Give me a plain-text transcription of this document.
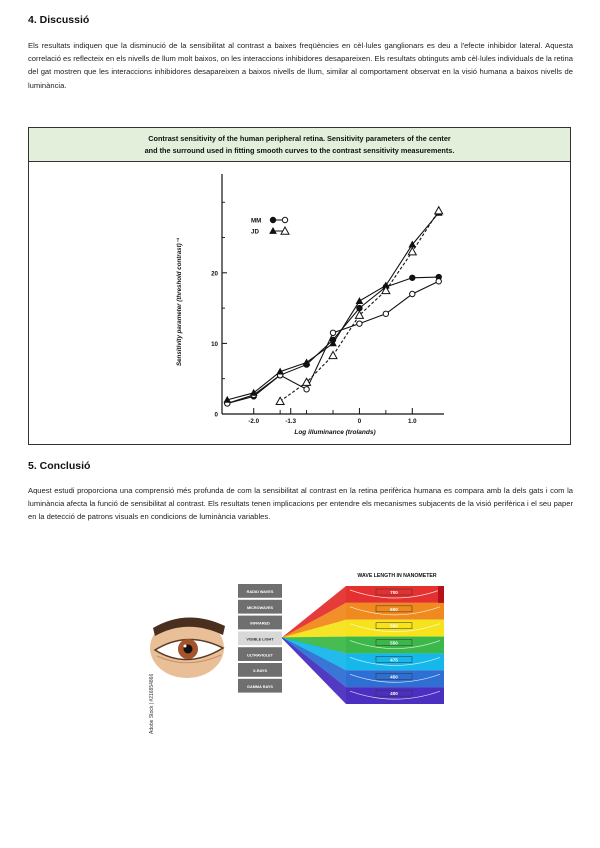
4. Discussió

Els resultats indiquen que la disminució de la sensibilitat al contrast a baixes freqüències en cèl·lules ganglionars es deu a l'efecte inhibidor lateral. Aquesta correlació es reflecteix en els nivells de llum molt baixos, on les interaccions inhibidores desapareixen. Els resultats obtinguts amb cèl·lules individuals de la retina del gat mostren que les interaccions inhibidores desapareixen a baixos nivells de llum, similar al comportament observat en la visió humana a baixos nivells de luminància.

Contrast sensitivity of the human peripheral retina. Sensitivity parameters of the center
and the surround used in fitting smooth curves to the contrast sensitivity measurements.
-2.0	-1.3	0	1.0
0
10
20
MM
JD
Log illuminance (trolands)
Sensitivity parameter (threshold contrast)⁻¹
5. Conclusió

Aquest estudi proporciona una comprensió més profunda de com la sensibilitat al contrast en la retina perifèrica humana es compara amb la dels gats i com la luminància afecta la funció de sensibilitat al contrast. Els resultats tenen implicacions per entendre els mecanismes subjacents de la visió perifèrica i el seu paper en la detecció de patrons visuals en condicions de luminància variables.

Adobe Stock | #216854866
RADIO WAVES
MICROWAVES
INFRARED
VISIBLE LIGHT
ULTRAVIOLET
X-RAYS
GAMMA RAYS
700
600
580
550
475
450
400
WAVE LENGTH IN NANOMETER
